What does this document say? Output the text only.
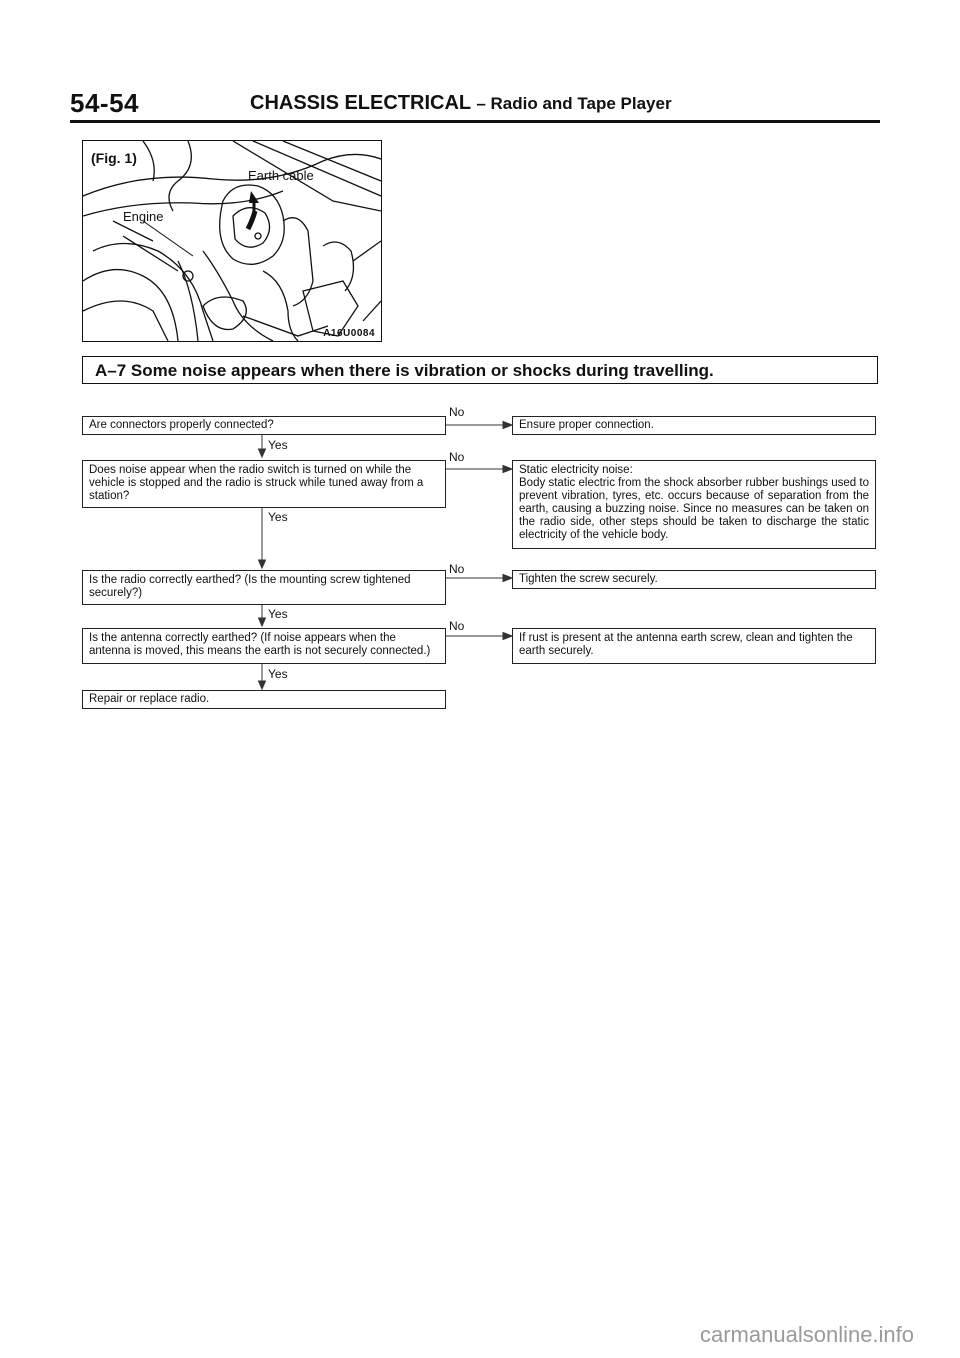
54-54	CHASSIS ELECTRICAL – Radio and Tape Player
(Fig. 1)
Earth cable
Engine
A16U0084
A–7 Some noise appears when there is vibration or shocks during travelling.
No
No
No
No
Yes
Yes
Yes
Yes
Are connectors properly connected?
Does noise appear when the radio switch is turned on while the vehicle is stopped and the radio is struck while tuned away from a station?
Is the radio correctly earthed? (Is the mounting screw tightened securely?)
Is the antenna correctly earthed? (If noise appears when the antenna is moved, this means the earth is not securely connected.)
Repair or replace radio.
Ensure proper connection.
Static electricity noise:
Body static electric from the shock absorber rubber bushings used to prevent vibration, tyres, etc. occurs because of separation from the earth, causing a buzzing noise. Since no measures can be taken on the radio side, other steps should be taken to discharge the static electricity of the vehicle body.
Tighten the screw securely.
If rust is present at the antenna earth screw, clean and tighten the earth securely.
carmanualsonline.info
